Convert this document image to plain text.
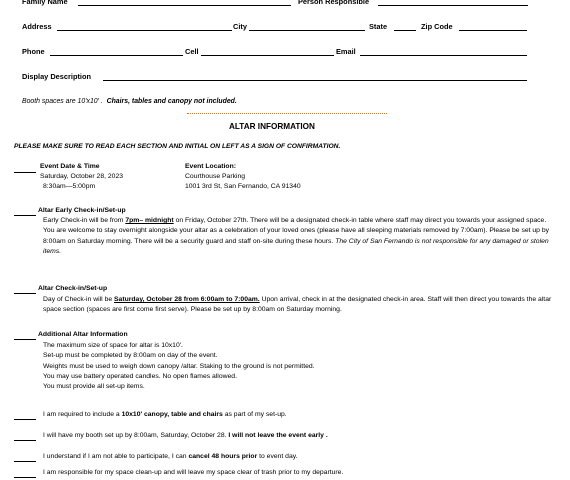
Family Name	Person Responsible
Address	City	State	Zip Code
Phone	Cell	Email
Display Description
Booth spaces are 10'x10' . Chairs, tables and canopy not included.
ALTAR INFORMATION
PLEASE MAKE SURE TO READ EACH SECTION AND INITIAL ON LEFT AS A SIGN OF CONFIRMATION.
Event Date & Time
Saturday, October 28, 2023
8:30am—5:00pm
Event Location:
Courthouse Parking
1001 3rd St, San Fernando, CA 91340
Altar Early Check-in/Set-up
Early Check-in will be from 7pm– midnight on Friday, October 27th. There will be a designated check-in table where staff may direct you towards your assigned space. You are welcome to stay overnight alongside your altar as a celebration of your loved ones (please have all sleeping materials removed by 7:00am). Please be set up by 8:00am on Saturday morning. There will be a security guard and staff on-site during these hours. The City of San Fernando is not responsible for any damaged or stolen items.
Altar Check-in/Set-up
Day of Check-in will be Saturday, October 28 from 6:00am to 7:00am. Upon arrival, check in at the designated check-in area. Staff will then direct you towards the altar space section (spaces are first come first serve). Please be set up by 8:00am on Saturday morning.
Additional Altar Information
The maximum size of space for altar is 10x10'.
Set-up must be completed by 8:00am on day of the event.
Weights must be used to weigh down canopy /altar. Staking to the ground is not permitted.
You may use battery operated candles. No open flames allowed.
You must provide all set-up items.
I am required to include a 10x10' canopy, table and chairs as part of my set-up.
I will have my booth set up by 8:00am, Saturday, October 28. I will not leave the event early .
I understand if I am not able to participate, I can cancel 48 hours prior to event day.
I am responsible for my space clean-up and will leave my space clear of trash prior to my departure.
